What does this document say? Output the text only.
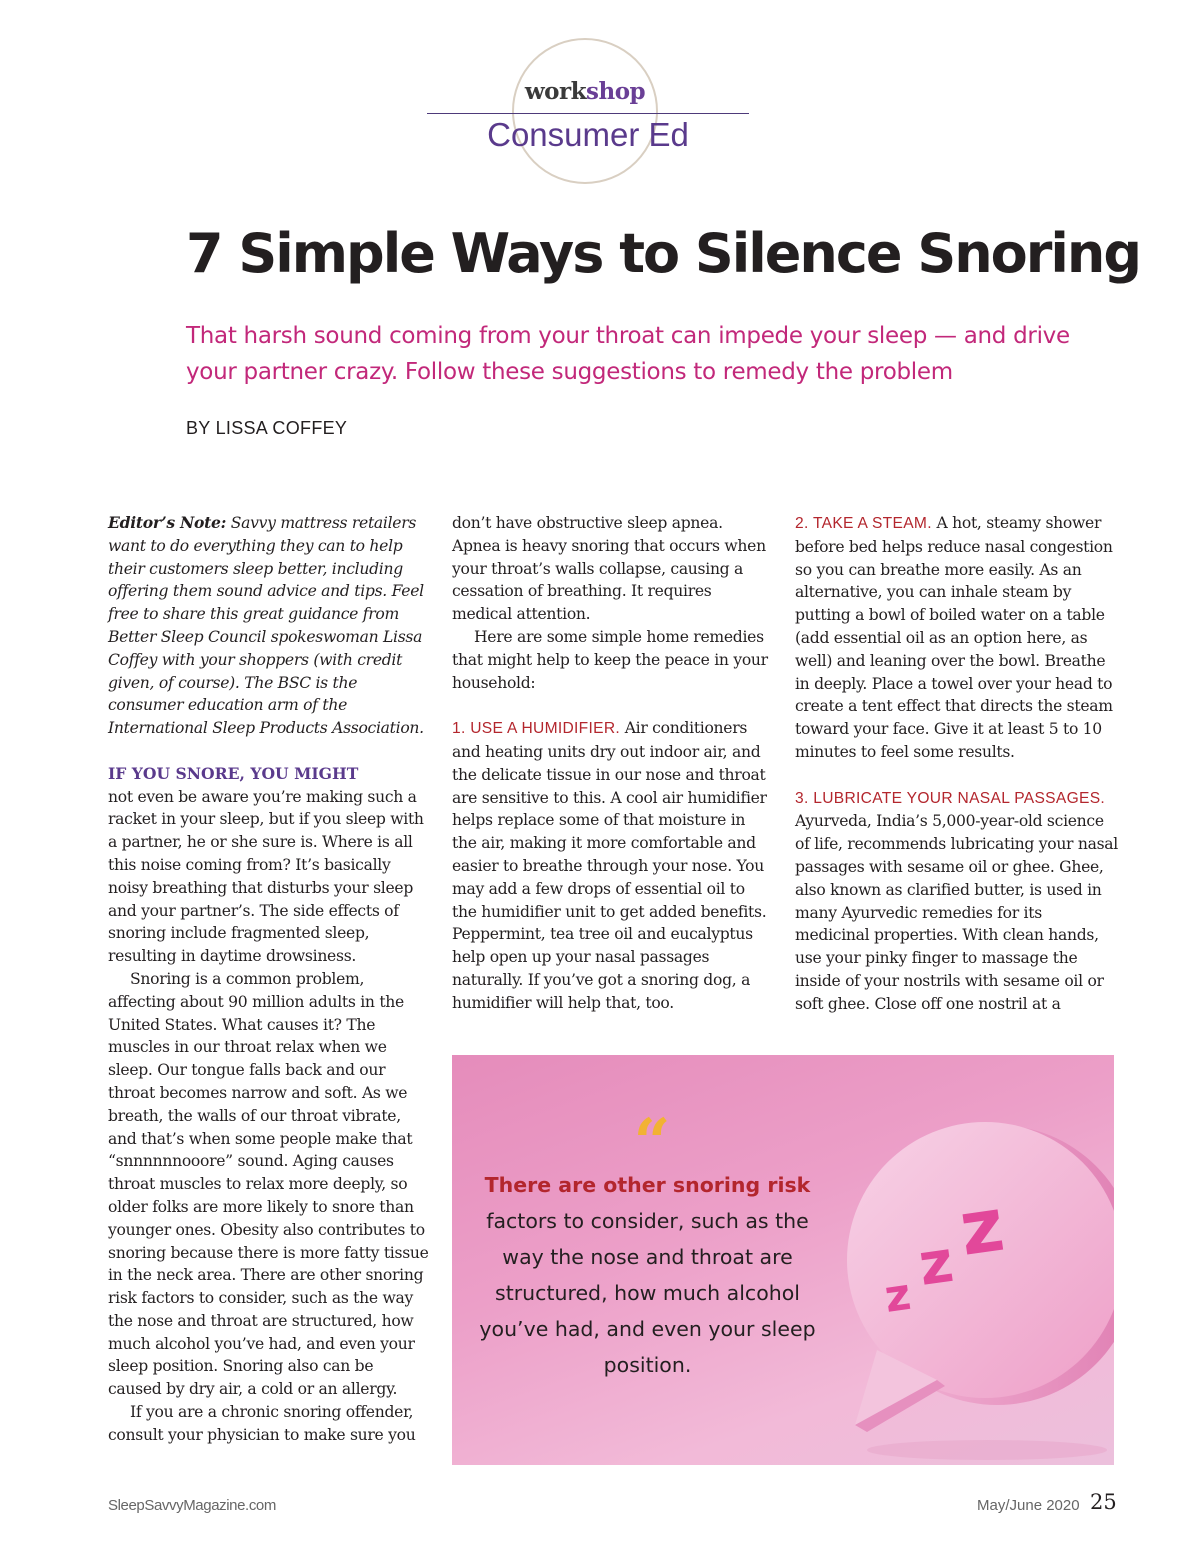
workshop
Consumer Ed
7 Simple Ways to Silence Snoring
That harsh sound coming from your throat can impede your sleep — and drive your partner crazy. Follow these suggestions to remedy the problem
BY LISSA COFFEY

Editor’s Note: Savvy mattress retailers want to do everything they can to help their customers sleep better, including offering them sound advice and tips. Feel free to share this great guidance from Better Sleep Council spokeswoman Lissa Coffey with your shoppers (with credit given, of course). The BSC is the consumer education arm of the International Sleep Products Association.

IF YOU SNORE, YOU MIGHT

not even be aware you’re making such a racket in your sleep, but if you sleep with a partner, he or she sure is. Where is all this noise coming from? It’s basically noisy breathing that disturbs your sleep and your partner’s. The side effects of snoring include fragmented sleep, resulting in daytime drowsiness.

Snoring is a common problem, affecting about 90 million adults in the United States. What causes it? The muscles in our throat relax when we sleep. Our tongue falls back and our throat becomes narrow and soft. As we breath, the walls of our throat vibrate, and that’s when some people make that “snnnnnnooore” sound. Aging causes throat muscles to relax more deeply, so older folks are more likely to snore than younger ones. Obesity also contributes to snoring because there is more fatty tissue in the neck area. There are other snoring risk factors to consider, such as the way the nose and throat are structured, how much alcohol you’ve had, and even your sleep position. Snoring also can be caused by dry air, a cold or an allergy.

If you are a chronic snoring offender, consult your physician to make sure you

don’t have obstructive sleep apnea. Apnea is heavy snoring that occurs when your throat’s walls collapse, causing a cessation of breathing. It requires medical attention.

Here are some simple home remedies that might help to keep the peace in your household:

1. USE A HUMIDIFIER. Air conditioners and heating units dry out indoor air, and the delicate tissue in our nose and throat are sensitive to this. A cool air humidifier helps replace some of that moisture in the air, making it more comfortable and easier to breathe through your nose. You may add a few drops of essential oil to the humidifier unit to get added benefits. Peppermint, tea tree oil and eucalyptus help open up your nasal passages naturally. If you’ve got a snoring dog, a humidifier will help that, too.

2. TAKE A STEAM. A hot, steamy shower before bed helps reduce nasal congestion so you can breathe more easily. As an alternative, you can inhale steam by putting a bowl of boiled water on a table (add essential oil as an option here, as well) and leaning over the bowl. Breathe in deeply. Place a towel over your head to create a tent effect that directs the steam toward your face. Give it at least 5 to 10 minutes to feel some results.

3. LUBRICATE YOUR NASAL PASSAGES. Ayurveda, India’s 5,000-year-old science of life, recommends lubricating your nasal passages with sesame oil or ghee. Ghee, also known as clarified butter, is used in many Ayurvedic remedies for its medicinal properties. With clean hands, use your pinky finger to massage the inside of your nostrils with sesame oil or soft ghee. Close off one nostril at a

“
There are other snoring risk factors to consider, such as the way the nose and throat are structured, how much alcohol you’ve had, and even your sleep position.
z z
z
SleepSavvyMagazine.com	May/June 2020 25
